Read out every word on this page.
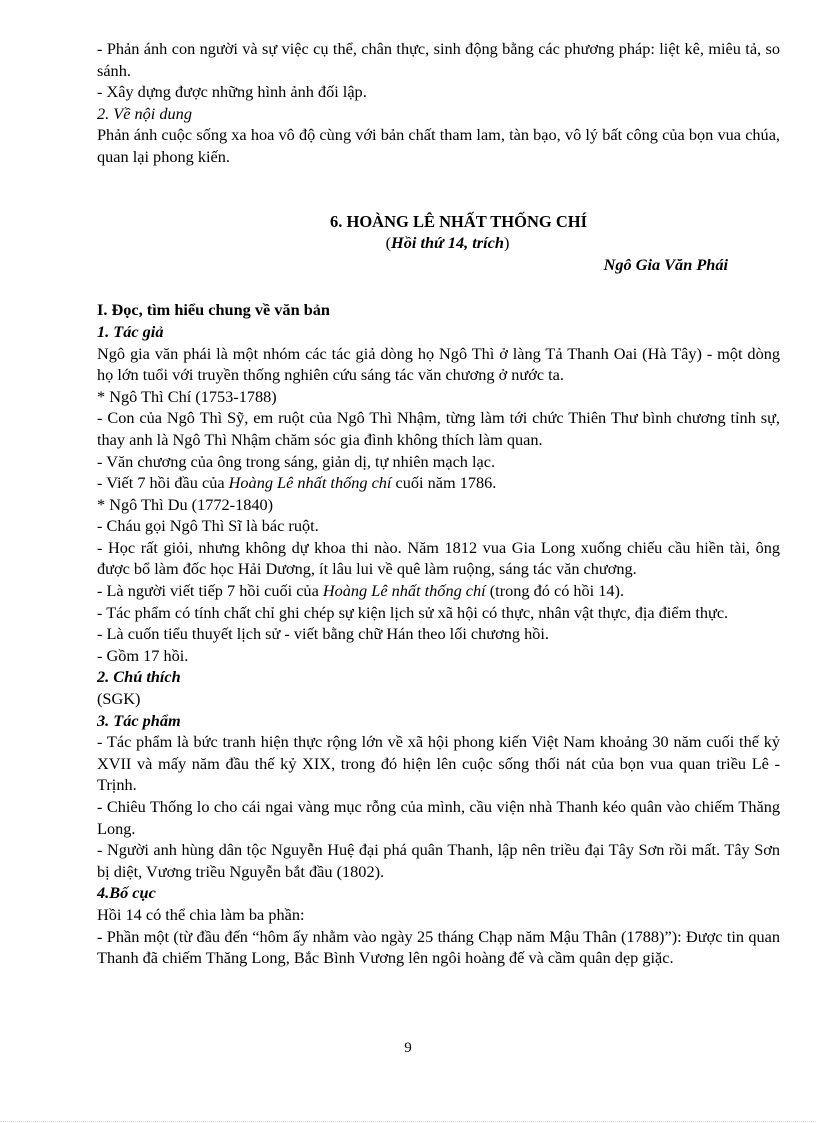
- Phản ánh con người và sự việc cụ thể, chân thực, sinh động bằng các phương pháp: liệt kê, miêu tả, so sánh.

- Xây dựng được những hình ảnh đối lập.

2. Về nội dung

Phản ánh cuộc sống xa hoa vô độ cùng với bản chất tham lam, tàn bạo, vô lý bất công của bọn vua chúa, quan lại phong kiến.

6. HOÀNG LÊ NHẤT THỐNG CHÍ

(Hồi thứ 14, trích)

Ngô Gia Văn Phái

I. Đọc, tìm hiểu chung về văn bản

1. Tác giả

Ngô gia văn phái là một nhóm các tác giả dòng họ Ngô Thì ở làng Tả Thanh Oai (Hà Tây) - một dòng họ lớn tuổi với truyền thống nghiên cứu sáng tác văn chương ở nước ta.

* Ngô Thì Chí (1753-1788)

- Con của Ngô Thì Sỹ, em ruột của Ngô Thì Nhậm, từng làm tới chức Thiên Thư bình chương tỉnh sự, thay anh là Ngô Thì Nhậm chăm sóc gia đình không thích làm quan.

- Văn chương của ông trong sáng, giản dị, tự nhiên mạch lạc.

- Viết 7 hồi đầu của Hoàng Lê nhất thống chí cuối năm 1786.

* Ngô Thì Du (1772-1840)

- Cháu gọi Ngô Thì Sĩ là bác ruột.

- Học rất giỏi, nhưng không dự khoa thi nào. Năm 1812 vua Gia Long xuống chiếu cầu hiền tài, ông được bổ làm đốc học Hải Dương, ít lâu lui về quê làm ruộng, sáng tác văn chương.

- Là người viết tiếp 7 hồi cuối của Hoàng Lê nhất thống chí (trong đó có hồi 14).

- Tác phẩm có tính chất chỉ ghi chép sự kiện lịch sử xã hội có thực, nhân vật thực, địa điểm thực.

- Là cuốn tiểu thuyết lịch sử - viết bằng chữ Hán theo lối chương hồi.

- Gồm 17 hồi.

2. Chú thích

(SGK)

3. Tác phẩm

- Tác phẩm là bức tranh hiện thực rộng lớn về xã hội phong kiến Việt Nam khoảng 30 năm cuối thế kỷ XVII và mấy năm đầu thế kỷ XIX, trong đó hiện lên cuộc sống thối nát của bọn vua quan triều Lê - Trịnh.

- Chiêu Thống lo cho cái ngai vàng mục rỗng của mình, cầu viện nhà Thanh kéo quân vào chiếm Thăng Long.

- Người anh hùng dân tộc Nguyễn Huệ đại phá quân Thanh, lập nên triều đại Tây Sơn rồi mất. Tây Sơn bị diệt, Vương triều Nguyễn bắt đầu (1802).

4.Bố cục

Hồi 14 có thể chia làm ba phần:

- Phần một (từ đầu đến “hôm ấy nhằm vào ngày 25 tháng Chạp năm Mậu Thân (1788)”): Được tin quan Thanh đã chiếm Thăng Long, Bắc Bình Vương lên ngôi hoàng đế và cầm quân dẹp giặc.

9
